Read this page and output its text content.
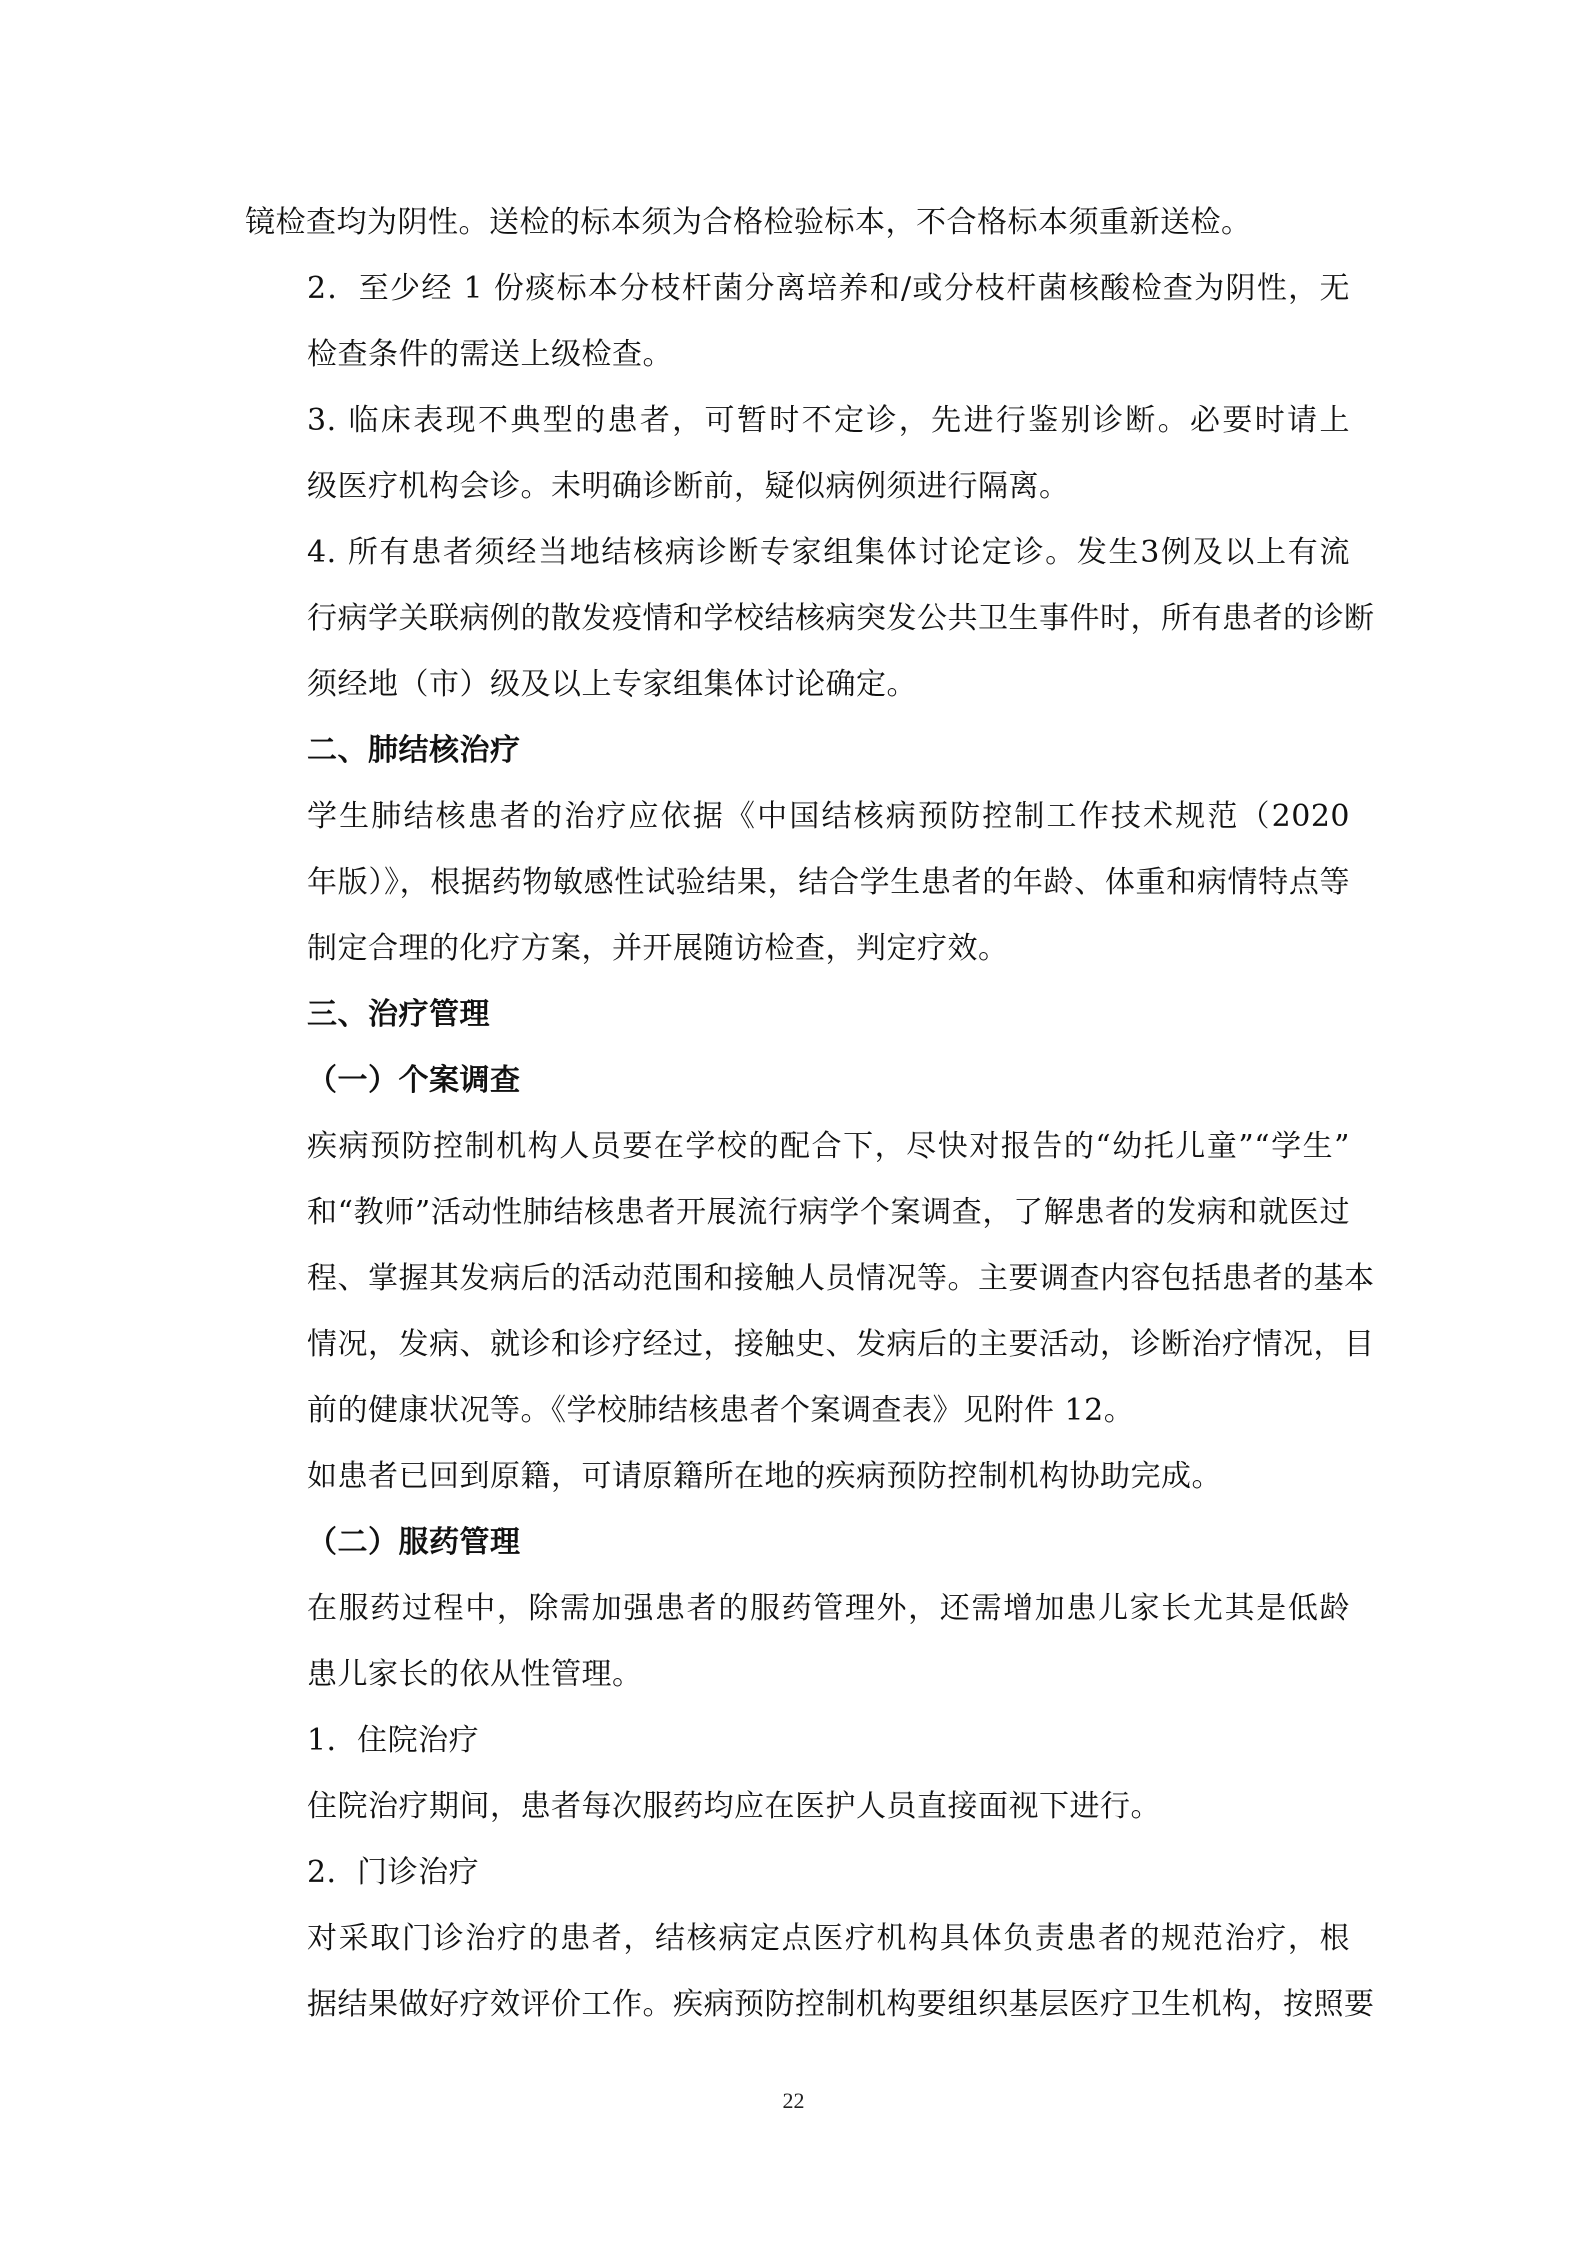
镜检查均为阴性。送检的标本须为合格检验标本，不合格标本须重新送检。
2．至少经 1 份痰标本分枝杆菌分离培养和/或分枝杆菌核酸检查为阴性，无
检查条件的需送上级检查。
3. 临床表现不典型的患者，可暂时不定诊，先进行鉴别诊断。必要时请上
级医疗机构会诊。未明确诊断前，疑似病例须进行隔离。
4. 所有患者须经当地结核病诊断专家组集体讨论定诊。发生3例及以上有流
行病学关联病例的散发疫情和学校结核病突发公共卫生事件时，所有患者的诊断
须经地（市）级及以上专家组集体讨论确定。

二、肺结核治疗

学生肺结核患者的治疗应依据《中国结核病预防控制工作技术规范（2020
年版）》，根据药物敏感性试验结果，结合学生患者的年龄、体重和病情特点等
制定合理的化疗方案，并开展随访检查，判定疗效。

三、治疗管理

（一）个案调查

疾病预防控制机构人员要在学校的配合下，尽快对报告的“幼托儿童”“学生”
和“教师”活动性肺结核患者开展流行病学个案调查，了解患者的发病和就医过
程、掌握其发病后的活动范围和接触人员情况等。主要调查内容包括患者的基本
情况，发病、就诊和诊疗经过，接触史、发病后的主要活动，诊断治疗情况，目
前的健康状况等。《学校肺结核患者个案调查表》见附件 12。
如患者已回到原籍，可请原籍所在地的疾病预防控制机构协助完成。

（二）服药管理

在服药过程中，除需加强患者的服药管理外，还需增加患儿家长尤其是低龄
患儿家长的依从性管理。
1．住院治疗
住院治疗期间，患者每次服药均应在医护人员直接面视下进行。
2．门诊治疗
对采取门诊治疗的患者，结核病定点医疗机构具体负责患者的规范治疗，根
据结果做好疗效评价工作。疾病预防控制机构要组织基层医疗卫生机构，按照要
22
